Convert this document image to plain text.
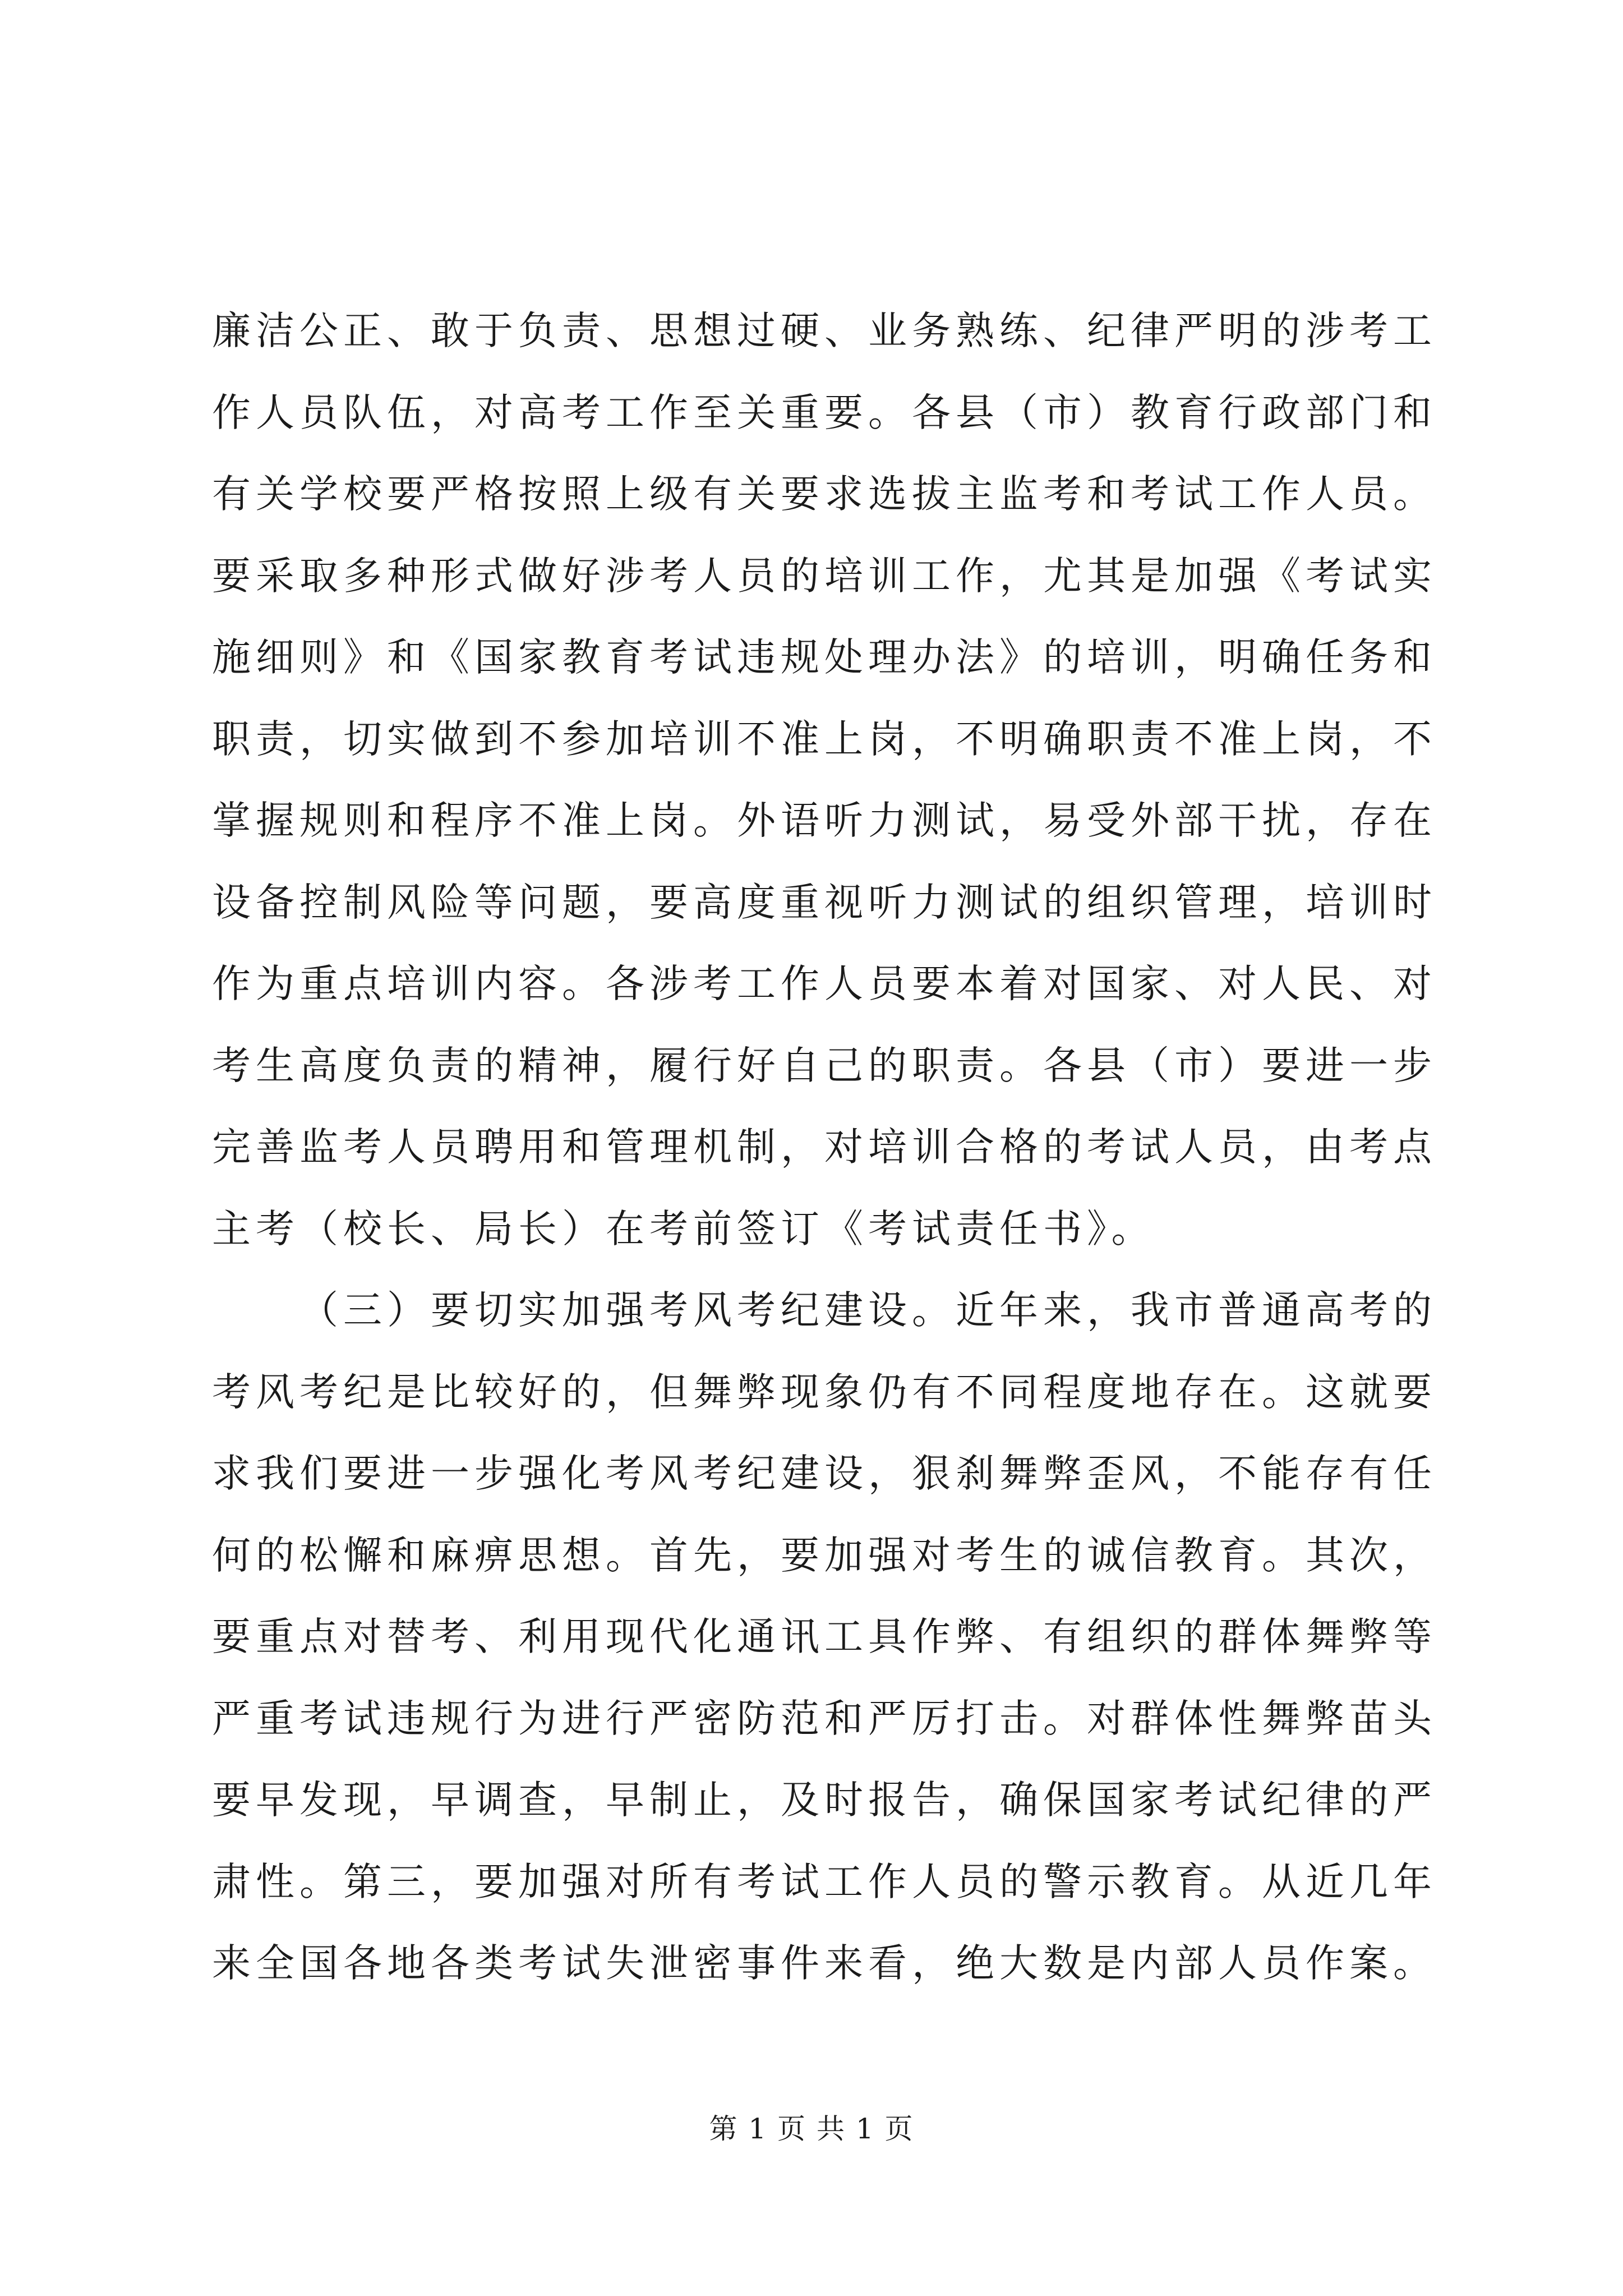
廉洁公正、敢于负责、思想过硬、业务熟练、纪律严明的涉考工
作人员队伍，对高考工作至关重要。各县（市）教育行政部门和
有关学校要严格按照上级有关要求选拔主监考和考试工作人员。
要采取多种形式做好涉考人员的培训工作，尤其是加强《考试实
施细则》和《国家教育考试违规处理办法》的培训，明确任务和
职责，切实做到不参加培训不准上岗，不明确职责不准上岗，不
掌握规则和程序不准上岗。外语听力测试，易受外部干扰，存在
设备控制风险等问题，要高度重视听力测试的组织管理，培训时
作为重点培训内容。各涉考工作人员要本着对国家、对人民、对
考生高度负责的精神，履行好自己的职责。各县（市）要进一步
完善监考人员聘用和管理机制，对培训合格的考试人员，由考点
主考（校长、局长）在考前签订《考试责任书》。
（三）要切实加强考风考纪建设。近年来，我市普通高考的
考风考纪是比较好的，但舞弊现象仍有不同程度地存在。这就要
求我们要进一步强化考风考纪建设，狠刹舞弊歪风，不能存有任
何的松懈和麻痹思想。首先，要加强对考生的诚信教育。其次，
要重点对替考、利用现代化通讯工具作弊、有组织的群体舞弊等
严重考试违规行为进行严密防范和严厉打击。对群体性舞弊苗头
要早发现，早调查，早制止，及时报告，确保国家考试纪律的严
肃性。第三，要加强对所有考试工作人员的警示教育。从近几年
来全国各地各类考试失泄密事件来看，绝大数是内部人员作案。
第 1 页 共 1 页
